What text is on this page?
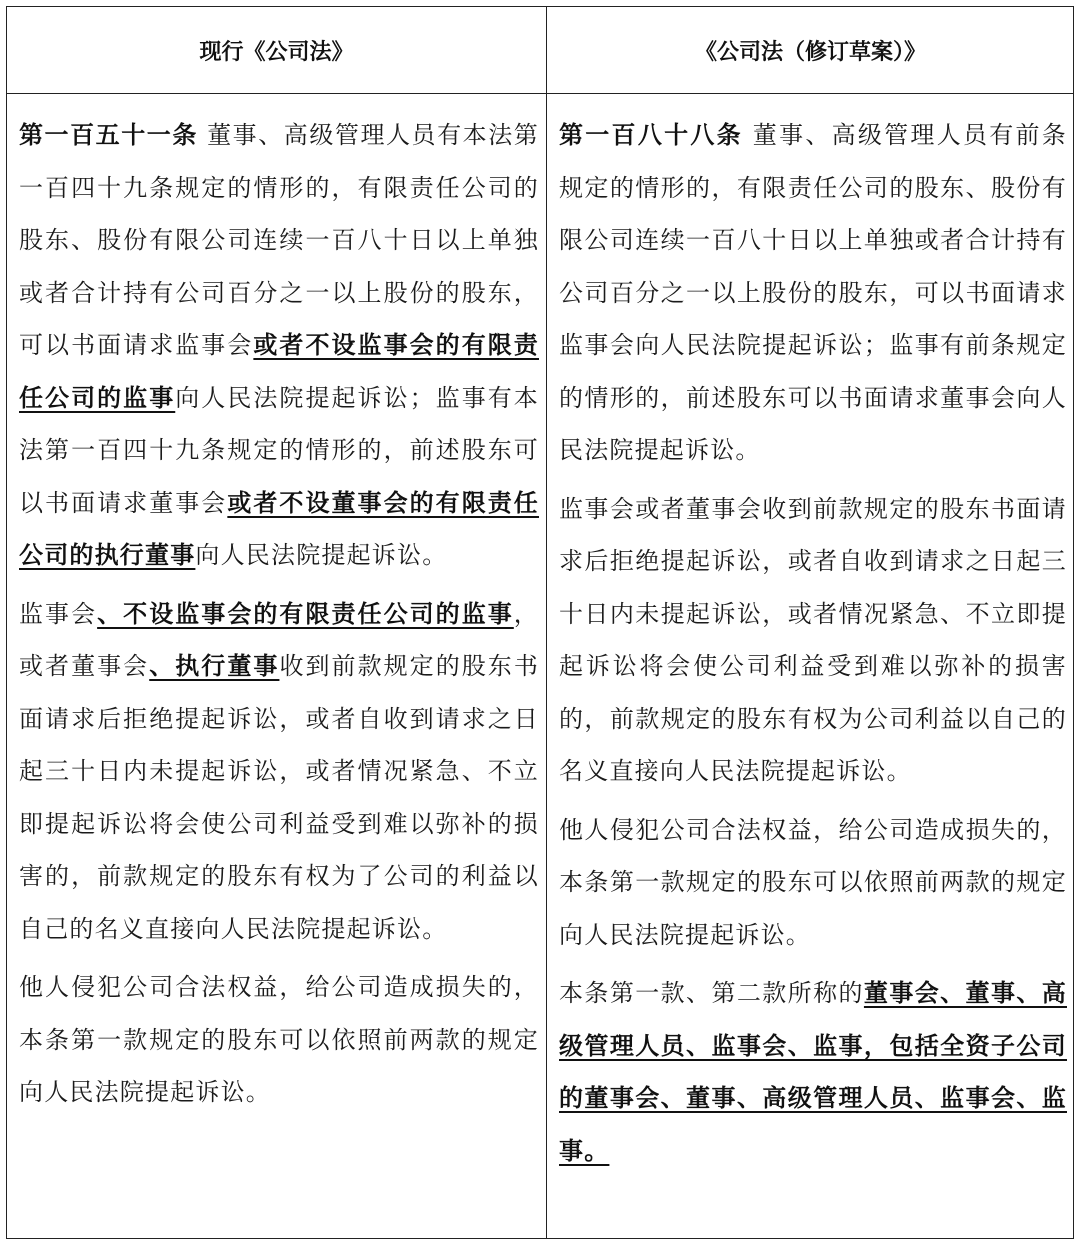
现行《公司法》	《公司法（修订草案）》

第一百五十一条 董事、高级管理人员有本法第一百四十九条规定的情形的，有限责任公司的股东、股份有限公司连续一百八十日以上单独或者合计持有公司百分之一以上股份的股东，可以书面请求监事会或者不设监事会的有限责任公司的监事向人民法院提起诉讼；监事有本法第一百四十九条规定的情形的，前述股东可以书面请求董事会或者不设董事会的有限责任公司的执行董事向人民法院提起诉讼。

监事会、不设监事会的有限责任公司的监事，或者董事会、执行董事收到前款规定的股东书面请求后拒绝提起诉讼，或者自收到请求之日起三十日内未提起诉讼，或者情况紧急、不立即提起诉讼将会使公司利益受到难以弥补的损害的，前款规定的股东有权为了公司的利益以自己的名义直接向人民法院提起诉讼。

他人侵犯公司合法权益，给公司造成损失的，本条第一款规定的股东可以依照前两款的规定向人民法院提起诉讼。

第一百八十八条 董事、高级管理人员有前条规定的情形的，有限责任公司的股东、股份有限公司连续一百八十日以上单独或者合计持有公司百分之一以上股份的股东，可以书面请求监事会向人民法院提起诉讼；监事有前条规定的情形的，前述股东可以书面请求董事会向人民法院提起诉讼。

监事会或者董事会收到前款规定的股东书面请求后拒绝提起诉讼，或者自收到请求之日起三十日内未提起诉讼，或者情况紧急、不立即提起诉讼将会使公司利益受到难以弥补的损害的，前款规定的股东有权为公司利益以自己的名义直接向人民法院提起诉讼。

他人侵犯公司合法权益，给公司造成损失的，本条第一款规定的股东可以依照前两款的规定向人民法院提起诉讼。

本条第一款、第二款所称的董事会、董事、高级管理人员、监事会、监事，包括全资子公司的董事会、董事、高级管理人员、监事会、监事。
